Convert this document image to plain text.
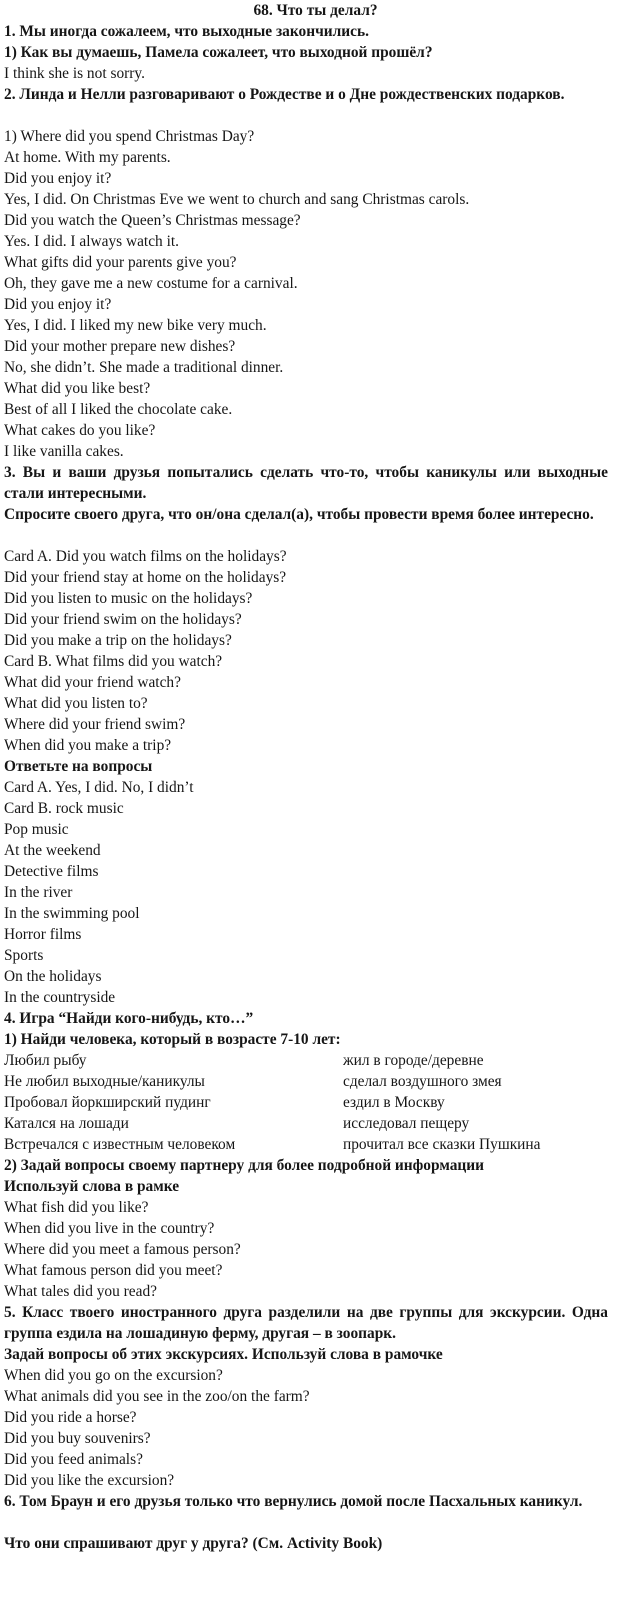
68. Что ты делал?
1. Мы иногда сожалеем, что выходные закончились.
1) Как вы думаешь, Памела сожалеет, что выходной прошёл?
I think she is not sorry.
2. Линда и Нелли разговаривают о Рождестве и о Дне рождественских подарков.
1) Where did you spend Christmas Day?
At home. With my parents.
Did you enjoy it?
Yes, I did. On Christmas Eve we went to church and sang Christmas carols.
Did you watch the Queen’s Christmas message?
Yes. I did. I always watch it.
What gifts did your parents give you?
Oh, they gave me a new costume for a carnival.
Did you enjoy it?
Yes, I did. I liked my new bike very much.
Did your mother prepare new dishes?
No, she didn’t. She made a traditional dinner.
What did you like best?
Best of all I liked the chocolate cake.
What cakes do you like?
I like vanilla cakes.
3. Вы и ваши друзья попытались сделать что-то, чтобы каникулы или выходные стали интересными.
Спросите своего друга, что он/она сделал(а), чтобы провести время более интересно.
Card A. Did you watch films on the holidays?
Did your friend stay at home on the holidays?
Did you listen to music on the holidays?
Did your friend swim on the holidays?
Did you make a trip on the holidays?
Card B. What films did you watch?
What did your friend watch?
What did you listen to?
Where did your friend swim?
When did you make a trip?
Ответьте на вопросы
Card A. Yes, I did. No, I didn’t
Card B. rock music
Pop music
At the weekend
Detective films
In the river
In the swimming pool
Horror films
Sports
On the holidays
In the countryside
4. Игра “Найди кого-нибудь, кто…”
1) Найди человека, который в возрасте 7-10 лет:
Любил рыбу	жил в городе/деревне
Не любил выходные/каникулы	сделал воздушного змея
Пробовал йоркширский пудинг	ездил в Москву
Катался на лошади	исследовал пещеру
Встречался с известным человеком	прочитал все сказки Пушкина
2) Задай вопросы своему партнеру для более подробной информации
Используй слова в рамке
What fish did you like?
When did you live in the country?
Where did you meet a famous person?
What famous person did you meet?
What tales did you read?
5. Класс твоего иностранного друга разделили на две группы для экскурсии. Одна группа ездила на лошадиную ферму, другая – в зоопарк.
Задай вопросы об этих экскурсиях. Используй слова в рамочке
When did you go on the excursion?
What animals did you see in the zoo/on the farm?
Did you ride a horse?
Did you buy souvenirs?
Did you feed animals?
Did you like the excursion?
6. Том Браун и его друзья только что вернулись домой после Пасхальных каникул.
Что они спрашивают друг у друга? (См. Activity Book)
